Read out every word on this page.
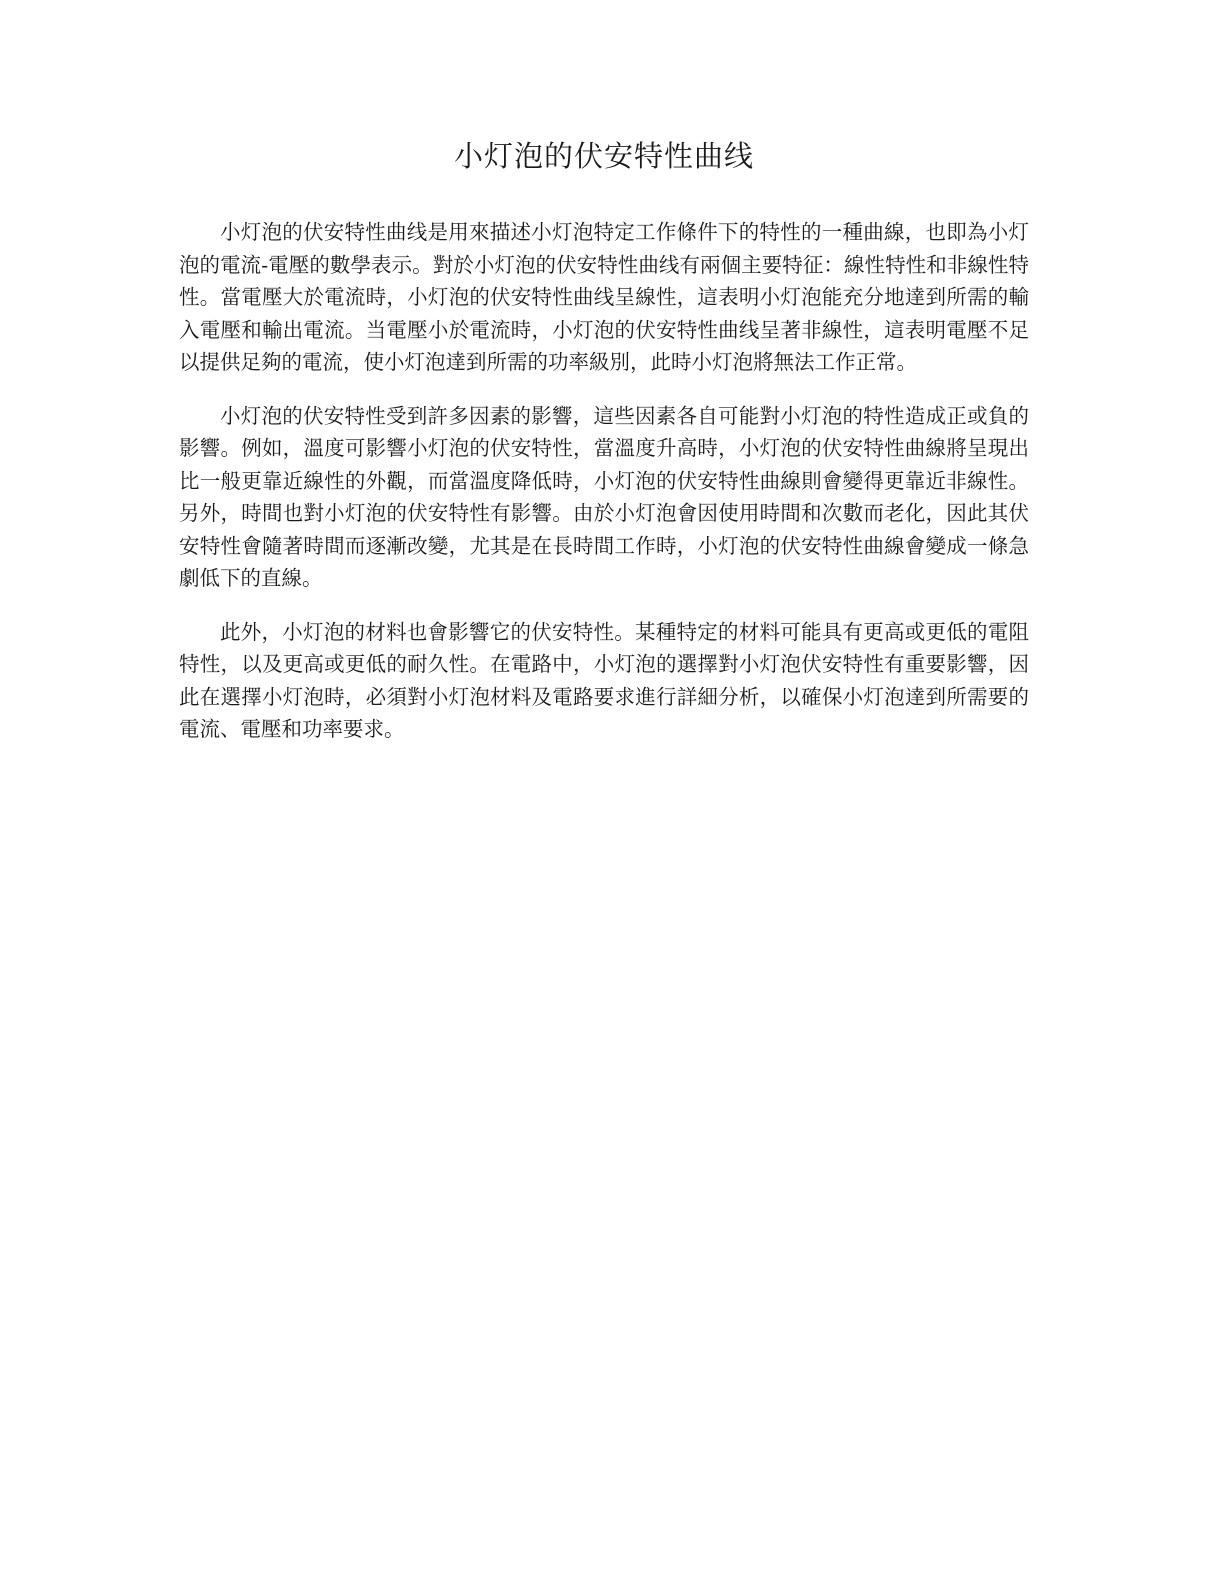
小灯泡的伏安特性曲线

小灯泡的伏安特性曲线是用來描述小灯泡特定工作條件下的特性的一種曲線，也即為小灯泡的電流-電壓的數學表示。對於小灯泡的伏安特性曲线有兩個主要特征：線性特性和非線性特性。當電壓大於電流時，小灯泡的伏安特性曲线呈線性，這表明小灯泡能充分地達到所需的輸入電壓和輸出電流。当電壓小於電流時，小灯泡的伏安特性曲线呈著非線性，這表明電壓不足以提供足夠的電流，使小灯泡達到所需的功率級別，此時小灯泡將無法工作正常。

小灯泡的伏安特性受到許多因素的影響，這些因素各自可能對小灯泡的特性造成正或負的影響。例如，溫度可影響小灯泡的伏安特性，當溫度升高時，小灯泡的伏安特性曲線將呈現出比一般更靠近線性的外觀，而當溫度降低時，小灯泡的伏安特性曲線則會變得更靠近非線性。另外，時間也對小灯泡的伏安特性有影響。由於小灯泡會因使用時間和次數而老化，因此其伏安特性會隨著時間而逐漸改變，尤其是在長時間工作時，小灯泡的伏安特性曲線會變成一條急劇低下的直線。

此外，小灯泡的材料也會影響它的伏安特性。某種特定的材料可能具有更高或更低的電阻特性，以及更高或更低的耐久性。在電路中，小灯泡的選擇對小灯泡伏安特性有重要影響，因此在選擇小灯泡時，必須對小灯泡材料及電路要求進行詳細分析，以確保小灯泡達到所需要的電流、電壓和功率要求。
